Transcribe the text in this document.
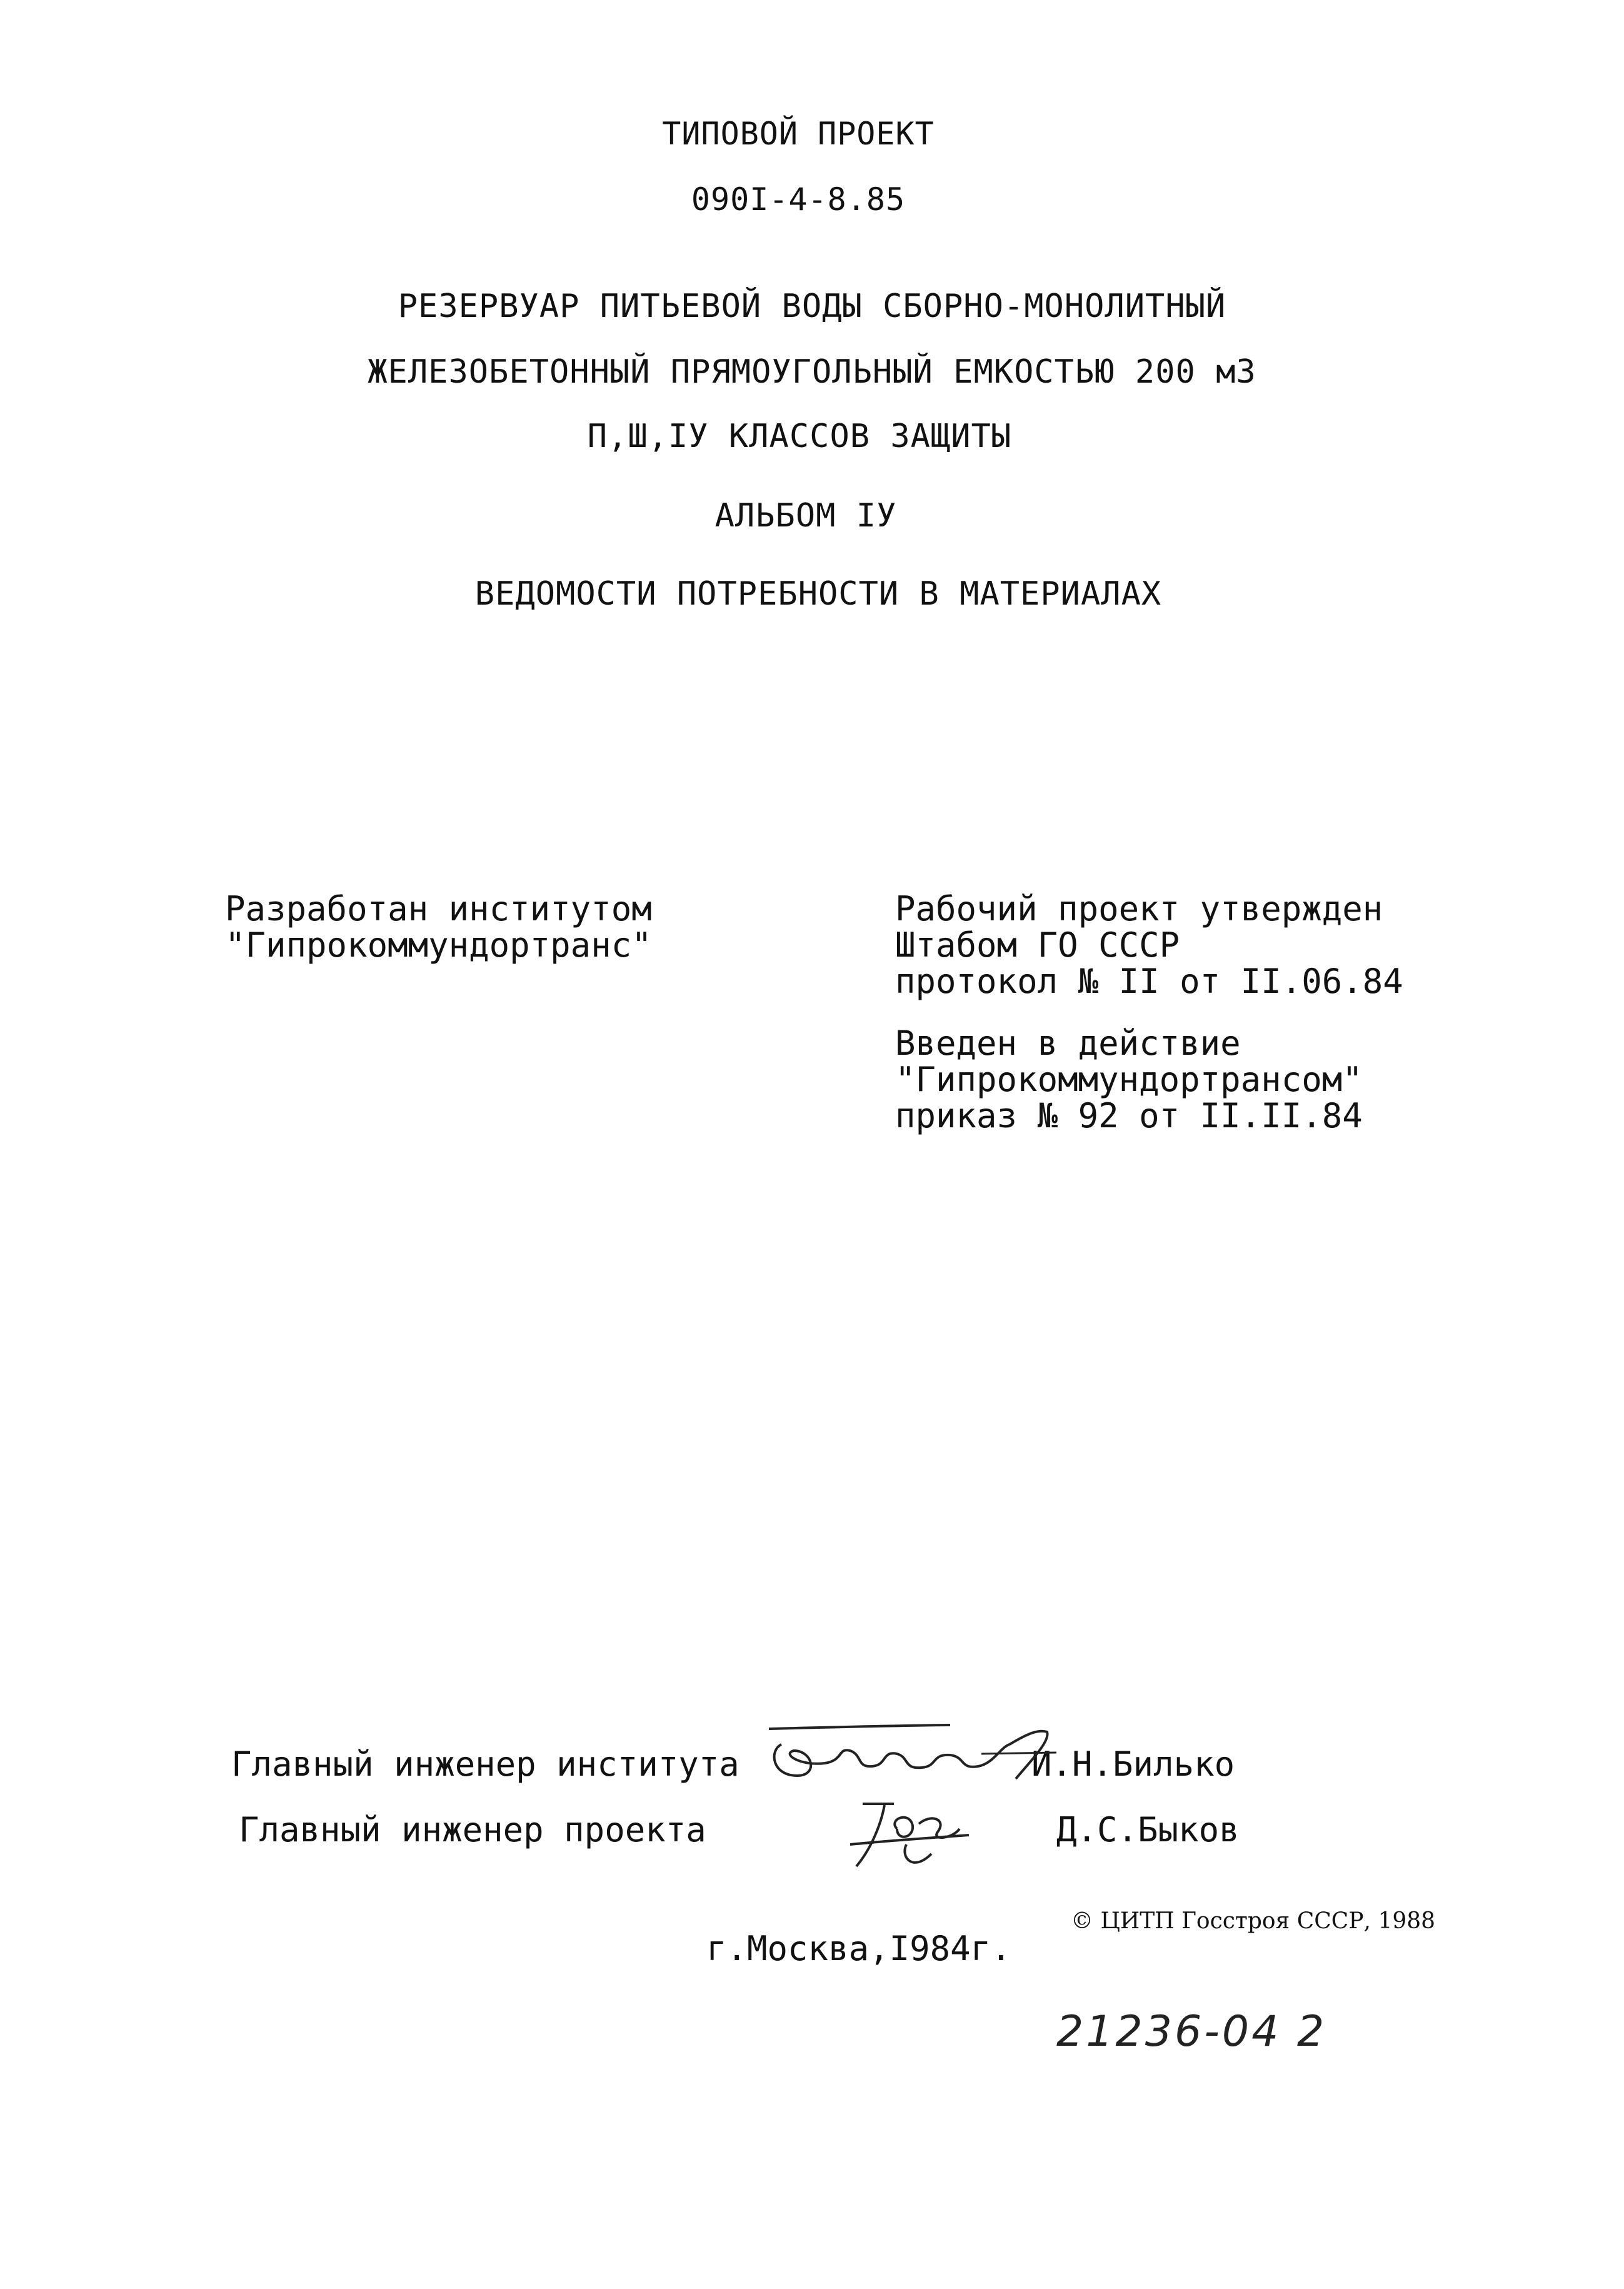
ТИПОВОЙ ПРОЕКТ
090I-4-8.85
РЕЗЕРВУАР ПИТЬЕВОЙ ВОДЫ СБОРНО-МОНОЛИТНЫЙ
ЖЕЛЕЗОБЕТОННЫЙ ПРЯМОУГОЛЬНЫЙ ЕМКОСТЬЮ 200 м3
П,Ш,IУ КЛАССОВ ЗАЩИТЫ
АЛЬБОМ IУ
ВЕДОМОСТИ ПОТРЕБНОСТИ В МАТЕРИАЛАХ
Разработан институтом
"Гипрокоммундортранс"
Рабочий проект утвержден
Штабом ГО СССР
протокол № II от II.06.84
Введен в действие
"Гипрокоммундортрансом"
приказ № 92 от II.II.84
Главный инженер института	И.Н.Билько
Главный инженер проекта	Д.С.Быков
г.Москва,I984г.
© ЦИТП Госстроя СССР, 1988
21236-04 2
